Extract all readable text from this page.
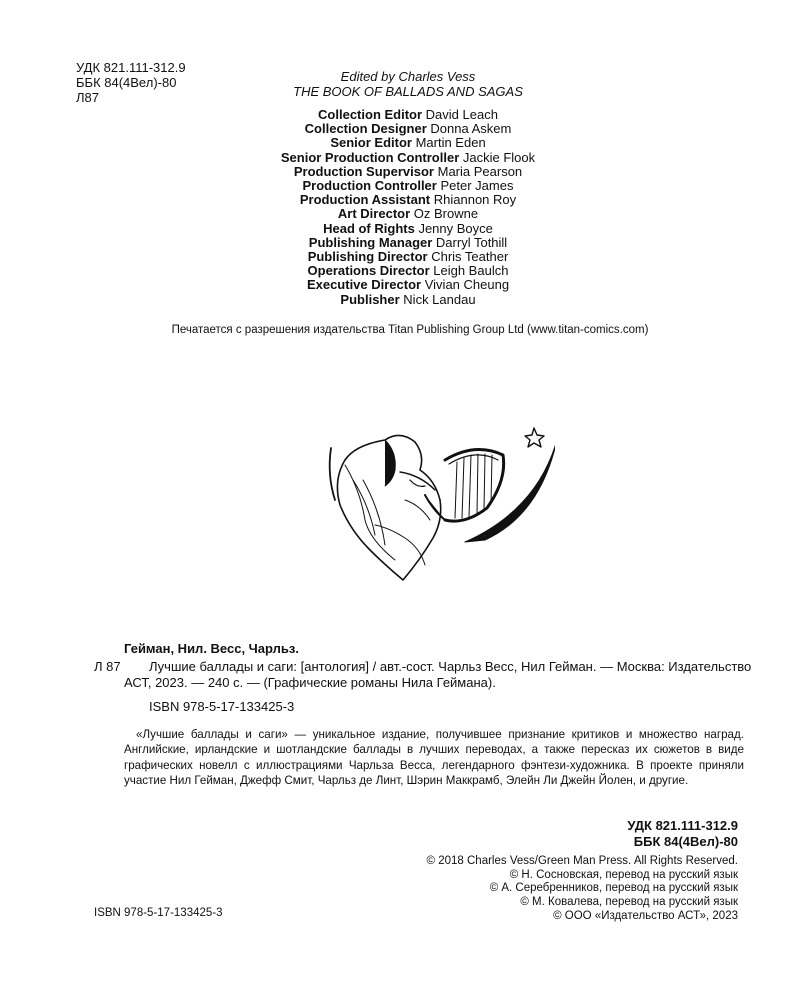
УДК 821.111-312.9
ББК 84(4Вел)-80
Л87
Edited by Charles Vess
THE BOOK OF BALLADS AND SAGAS
Collection Editor David Leach
Collection Designer Donna Askem
Senior Editor Martin Eden
Senior Production Controller Jackie Flook
Production Supervisor Maria Pearson
Production Controller Peter James
Production Assistant Rhiannon Roy
Art Director Oz Browne
Head of Rights Jenny Boyce
Publishing Manager Darryl Tothill
Publishing Director Chris Teather
Operations Director Leigh Baulch
Executive Director Vivian Cheung
Publisher Nick Landau
Печатается с разрешения издательства Titan Publishing Group Ltd (www.titan-comics.com)
Гейман, Нил. Весс, Чарльз.
Л 87	Лучшие баллады и саги: [антология] / авт.-сост. Чарльз Весс, Нил Гейман. — Москва: Издательство АСТ, 2023. — 240 с. — (Графические романы Нила Геймана).
ISBN 978-5-17-133425-3
«Лучшие баллады и саги» — уникальное издание, получившее признание критиков и множество наград. Английские, ирландские и шотландские баллады в лучших переводах, а также пересказ их сюжетов в виде графических новелл с иллюстрациями Чарльза Весса, легендарного фэнтези-художника. В проекте приняли участие Нил Гейман, Джефф Смит, Чарльз де Линт, Шэрин Маккрамб, Элейн Ли Джейн Йолен, и другие.
УДК 821.111-312.9
ББК 84(4Вел)-80
© 2018 Charles Vess/Green Man Press. All Rights Reserved.
© Н. Сосновская, перевод на русский язык
© А. Серебренников, перевод на русский язык
© М. Ковалева, перевод на русский язык
© ООО «Издательство АСТ», 2023
ISBN 978-5-17-133425-3
